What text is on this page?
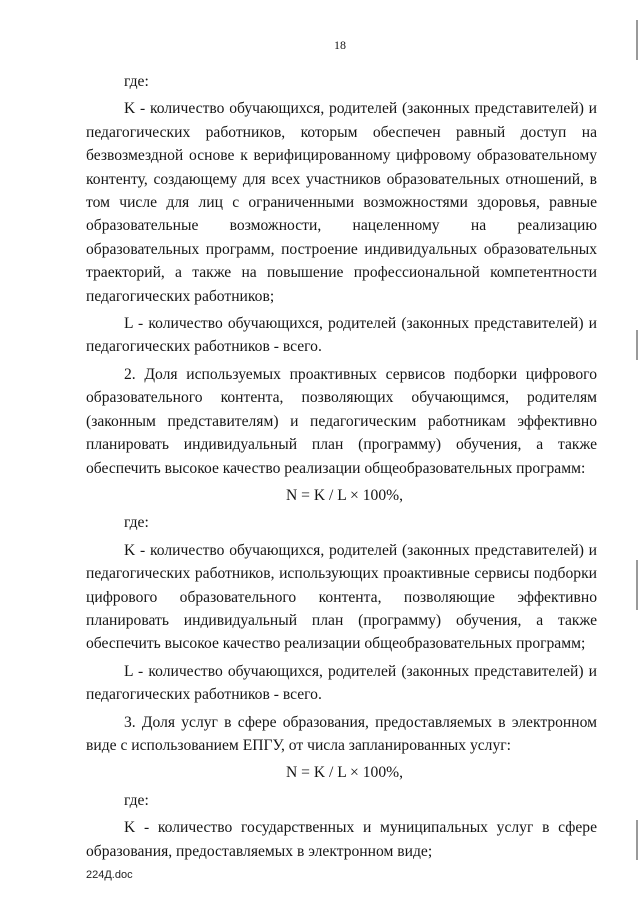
18

где:

K - количество обучающихся, родителей (законных представителей) и педагогических работников, которым обеспечен равный доступ на безвозмездной основе к верифицированному цифровому образовательному контенту, создающему для всех участников образовательных отношений, в том числе для лиц с ограниченными возможностями здоровья, равные образовательные возможности, нацеленному на реализацию образовательных программ, построение индивидуальных образовательных траекторий, а также на повышение профессиональной компетентности педагогических работников;

L - количество обучающихся, родителей (законных представителей) и педагогических работников - всего.

2. Доля используемых проактивных сервисов подборки цифрового образовательного контента, позволяющих обучающимся, родителям (законным представителям) и педагогическим работникам эффективно планировать индивидуальный план (программу) обучения, а также обеспечить высокое качество реализации общеобразовательных программ:

N = K / L × 100%,

где:

K - количество обучающихся, родителей (законных представителей) и педагогических работников, использующих проактивные сервисы подборки цифрового образовательного контента, позволяющие эффективно планировать индивидуальный план (программу) обучения, а также обеспечить высокое качество реализации общеобразовательных программ;

L - количество обучающихся, родителей (законных представителей) и педагогических работников - всего.

3. Доля услуг в сфере образования, предоставляемых в электронном виде с использованием ЕПГУ, от числа запланированных услуг:

N = K / L × 100%,

где:

K - количество государственных и муниципальных услуг в сфере образования, предоставляемых в электронном виде;

224Д.doc
